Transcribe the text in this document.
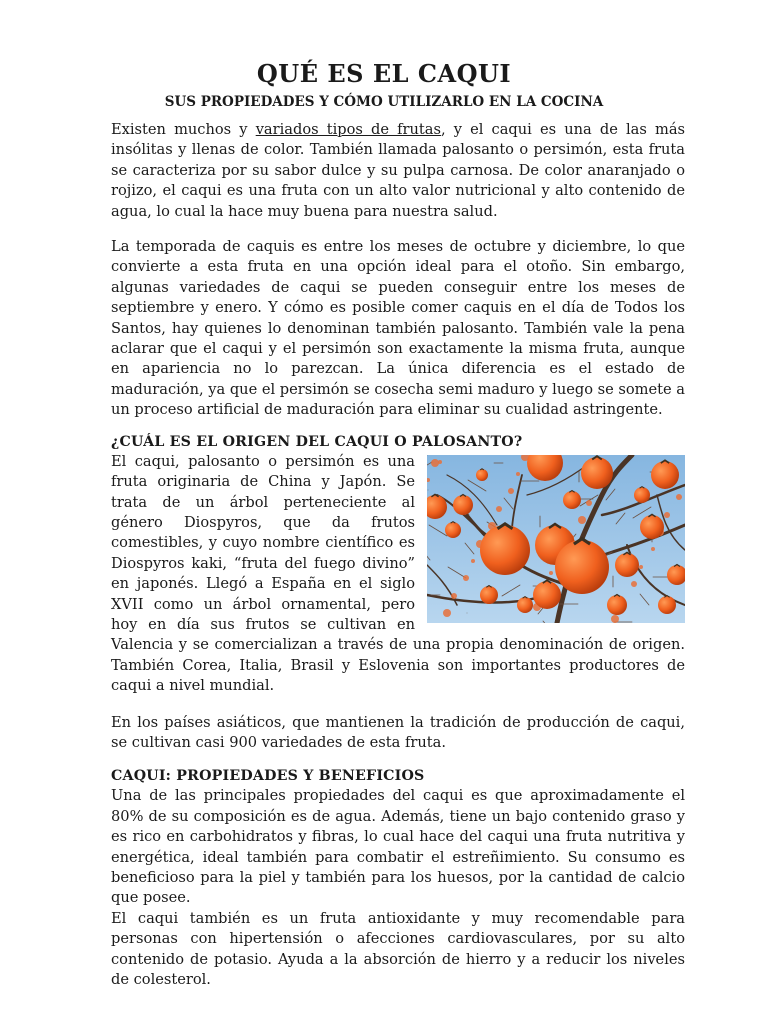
QUÉ ES EL CAQUI
SUS PROPIEDADES Y CÓMO UTILIZARLO EN LA COCINA

Existen muchos y variados tipos de frutas, y el caqui es una de las más insólitas y llenas de color. También llamada palosanto o persimón, esta fruta se caracteriza por su sabor dulce y su pulpa carnosa. De color anaranjado o rojizo, el caqui es una fruta con un alto valor nutricional y alto contenido de agua, lo cual la hace muy buena para nuestra salud.

La temporada de caquis es entre los meses de octubre y diciembre, lo que convierte a esta fruta en una opción ideal para el otoño. Sin embargo, algunas variedades de caqui se pueden conseguir entre los meses de septiembre y enero. Y cómo es posible comer caquis en el día de Todos los Santos, hay quienes lo denominan también palosanto. También vale la pena aclarar que el caqui y el persimón son exactamente la misma fruta, aunque en apariencia no lo parezcan. La única diferencia es el estado de maduración, ya que el persimón se cosecha semi maduro y luego se somete a un proceso artificial de maduración para eliminar su cualidad astringente.

¿CUÁL ES EL ORIGEN DEL CAQUI O PALOSANTO?

El caqui, palosanto o persimón es una fruta originaria de China y Japón. Se trata de un árbol perteneciente al género Diospyros, que da frutos comestibles, y cuyo nombre científico es Diospyros kaki, “fruta del fuego divino” en japonés. Llegó a España en el siglo XVII como un árbol ornamental, pero hoy en día sus frutos se cultivan en Valencia y se comercializan a través de una propia denominación de origen. También Corea, Italia, Brasil y Eslovenia son importantes productores de caqui a nivel mundial.

En los países asiáticos, que mantienen la tradición de producción de caqui, se cultivan casi 900 variedades de esta fruta.

CAQUI: PROPIEDADES Y BENEFICIOS

Una de las principales propiedades del caqui es que aproximadamente el 80% de su composición es de agua. Además, tiene un bajo contenido graso y es rico en carbohidratos y fibras, lo cual hace del caqui una fruta nutritiva y energética, ideal también para combatir el estreñimiento. Su consumo es beneficioso para la piel y también para los huesos, por la cantidad de calcio que posee.

El caqui también es un fruta antioxidante y muy recomendable para personas con hipertensión o afecciones cardiovasculares, por su alto contenido de potasio. Ayuda a la absorción de hierro y a reducir los niveles de colesterol.
